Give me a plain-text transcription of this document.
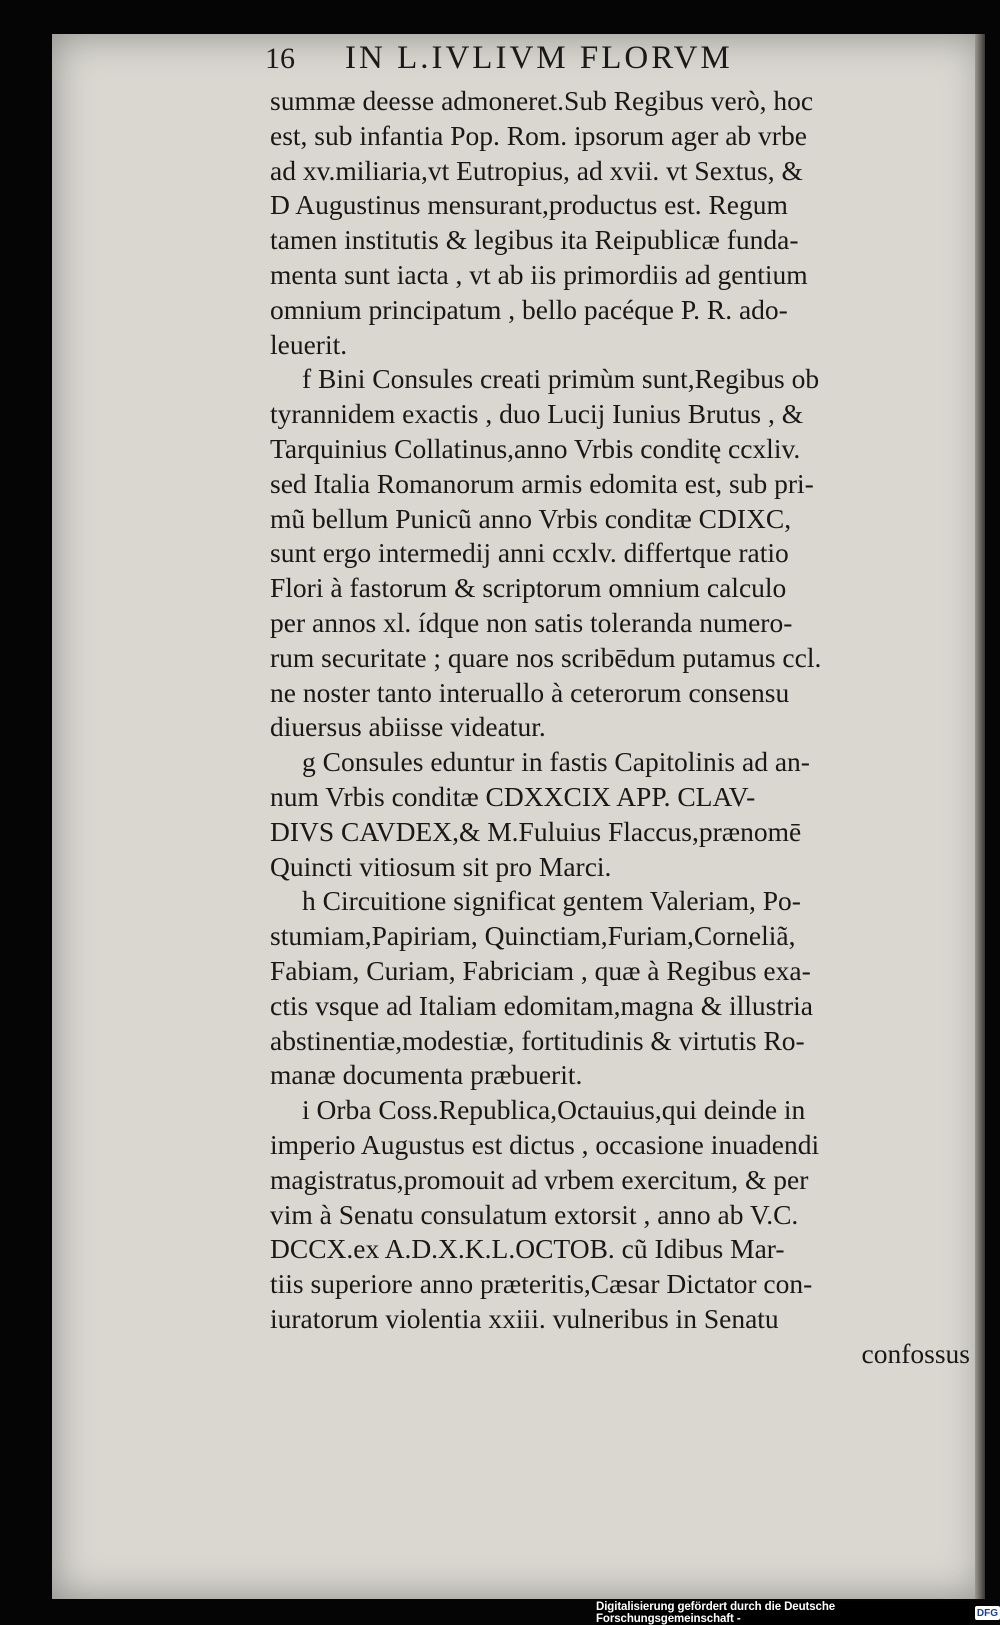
16 IN L.IVLIVM FLORVM
summæ deesse admoneret.Sub Regibus verò, hoc
est, sub infantia Pop. Rom. ipsorum ager ab vrbe
ad xv.miliaria,vt Eutropius, ad xvii. vt Sextus, &
D Augustinus mensurant,productus est. Regum
tamen institutis & legibus ita Reipublicæ funda-
menta sunt iacta , vt ab iis primordiis ad gentium
omnium principatum , bello pacéque P. R. ado-
leuerit.
f Bini Consules creati primùm sunt,Regibus ob
tyrannidem exactis , duo Lucij Iunius Brutus , &
Tarquinius Collatinus,anno Vrbis conditę ccxliv.
sed Italia Romanorum armis edomita est, sub pri-
mũ bellum Punicũ anno Vrbis conditæ CDIXC,
sunt ergo intermedij anni ccxlv. differtque ratio
Flori à fastorum & scriptorum omnium calculo
per annos xl. ídque non satis toleranda numero-
rum securitate ; quare nos scribēdum putamus ccl.
ne noster tanto interuallo à ceterorum consensu
diuersus abiisse videatur.
g Consules eduntur in fastis Capitolinis ad an-
num Vrbis conditæ CDXXCIX APP. CLAV-
DIVS CAVDEX,& M.Fuluius Flaccus,prænomē
Quincti vitiosum sit pro Marci.
h Circuitione significat gentem Valeriam, Po-
stumiam,Papiriam, Quinctiam,Furiam,Corneliã,
Fabiam, Curiam, Fabriciam , quæ à Regibus exa-
ctis vsque ad Italiam edomitam,magna & illustria
abstinentiæ,modestiæ, fortitudinis & virtutis Ro-
manæ documenta præbuerit.
i Orba Coss.Republica,Octauius,qui deinde in
imperio Augustus est dictus , occasione inuadendi
magistratus,promouit ad vrbem exercitum, & per
vim à Senatu consulatum extorsit , anno ab V.C.
DCCX.ex A.D.X.K.L.OCTOB. cũ Idibus Mar-
tiis superiore anno præteritis,Cæsar Dictator con-
iuratorum violentia xxiii. vulneribus in Senatu
confossus
Digitalisierung gefördert durch die Deutsche Forschungsgemeinschaft -	DFG
